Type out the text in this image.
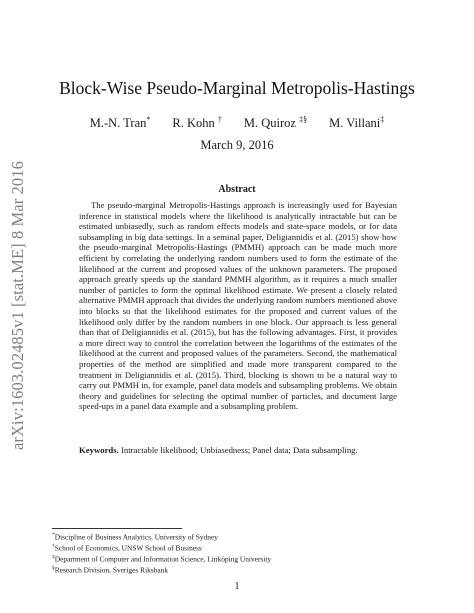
arXiv:1603.02485v1 [stat.ME] 8 Mar 2016
Block-Wise Pseudo-Marginal Metropolis-Hastings
M.-N. Tran* R. Kohn † M. Quiroz ‡§ M. Villani‡
March 9, 2016
Abstract

The pseudo-marginal Metropolis-Hastings approach is increasingly used for Bayesian inference in statistical models where the likelihood is analytically intractable but can be estimated unbiasedly, such as random effects models and state-space models, or for data subsampling in big data settings. In a seminal paper, Deligiannidis et al. (2015) show how the pseudo-marginal Metropolis-Hastings (PMMH) approach can be made much more efficient by correlating the underlying random numbers used to form the estimate of the likelihood at the current and proposed values of the unknown parameters. The proposed approach greatly speeds up the standard PMMH algorithm, as it requires a much smaller number of particles to form the optimal likelihood estimate. We present a closely related alternative PMMH approach that divides the underlying random numbers mentioned above into blocks so that the likelihood estimates for the proposed and current values of the likelihood only differ by the random numbers in one block. Our approach is less general than that of Deligiannidis et al. (2015), but has the following advantages. First, it provides a more direct way to control the correlation between the logarithms of the estimates of the likelihood at the current and proposed values of the parameters. Second, the mathematical properties of the method are simplified and made more transparent compared to the treatment in Deligiannidis et al. (2015). Third, blocking is shown to be a natural way to carry out PMMH in, for example, panel data models and subsampling problems. We obtain theory and guidelines for selecting the optimal number of particles, and document large speed-ups in a panel data example and a subsampling problem.

Keywords. Intractable likelihood; Unbiasedness; Panel data; Data subsampling.
*Discipline of Business Analytics, University of Sydney
†School of Economics, UNSW School of Business
‡Department of Computer and Information Science, Linköping University
§Research Division, Sveriges Riksbank
1
